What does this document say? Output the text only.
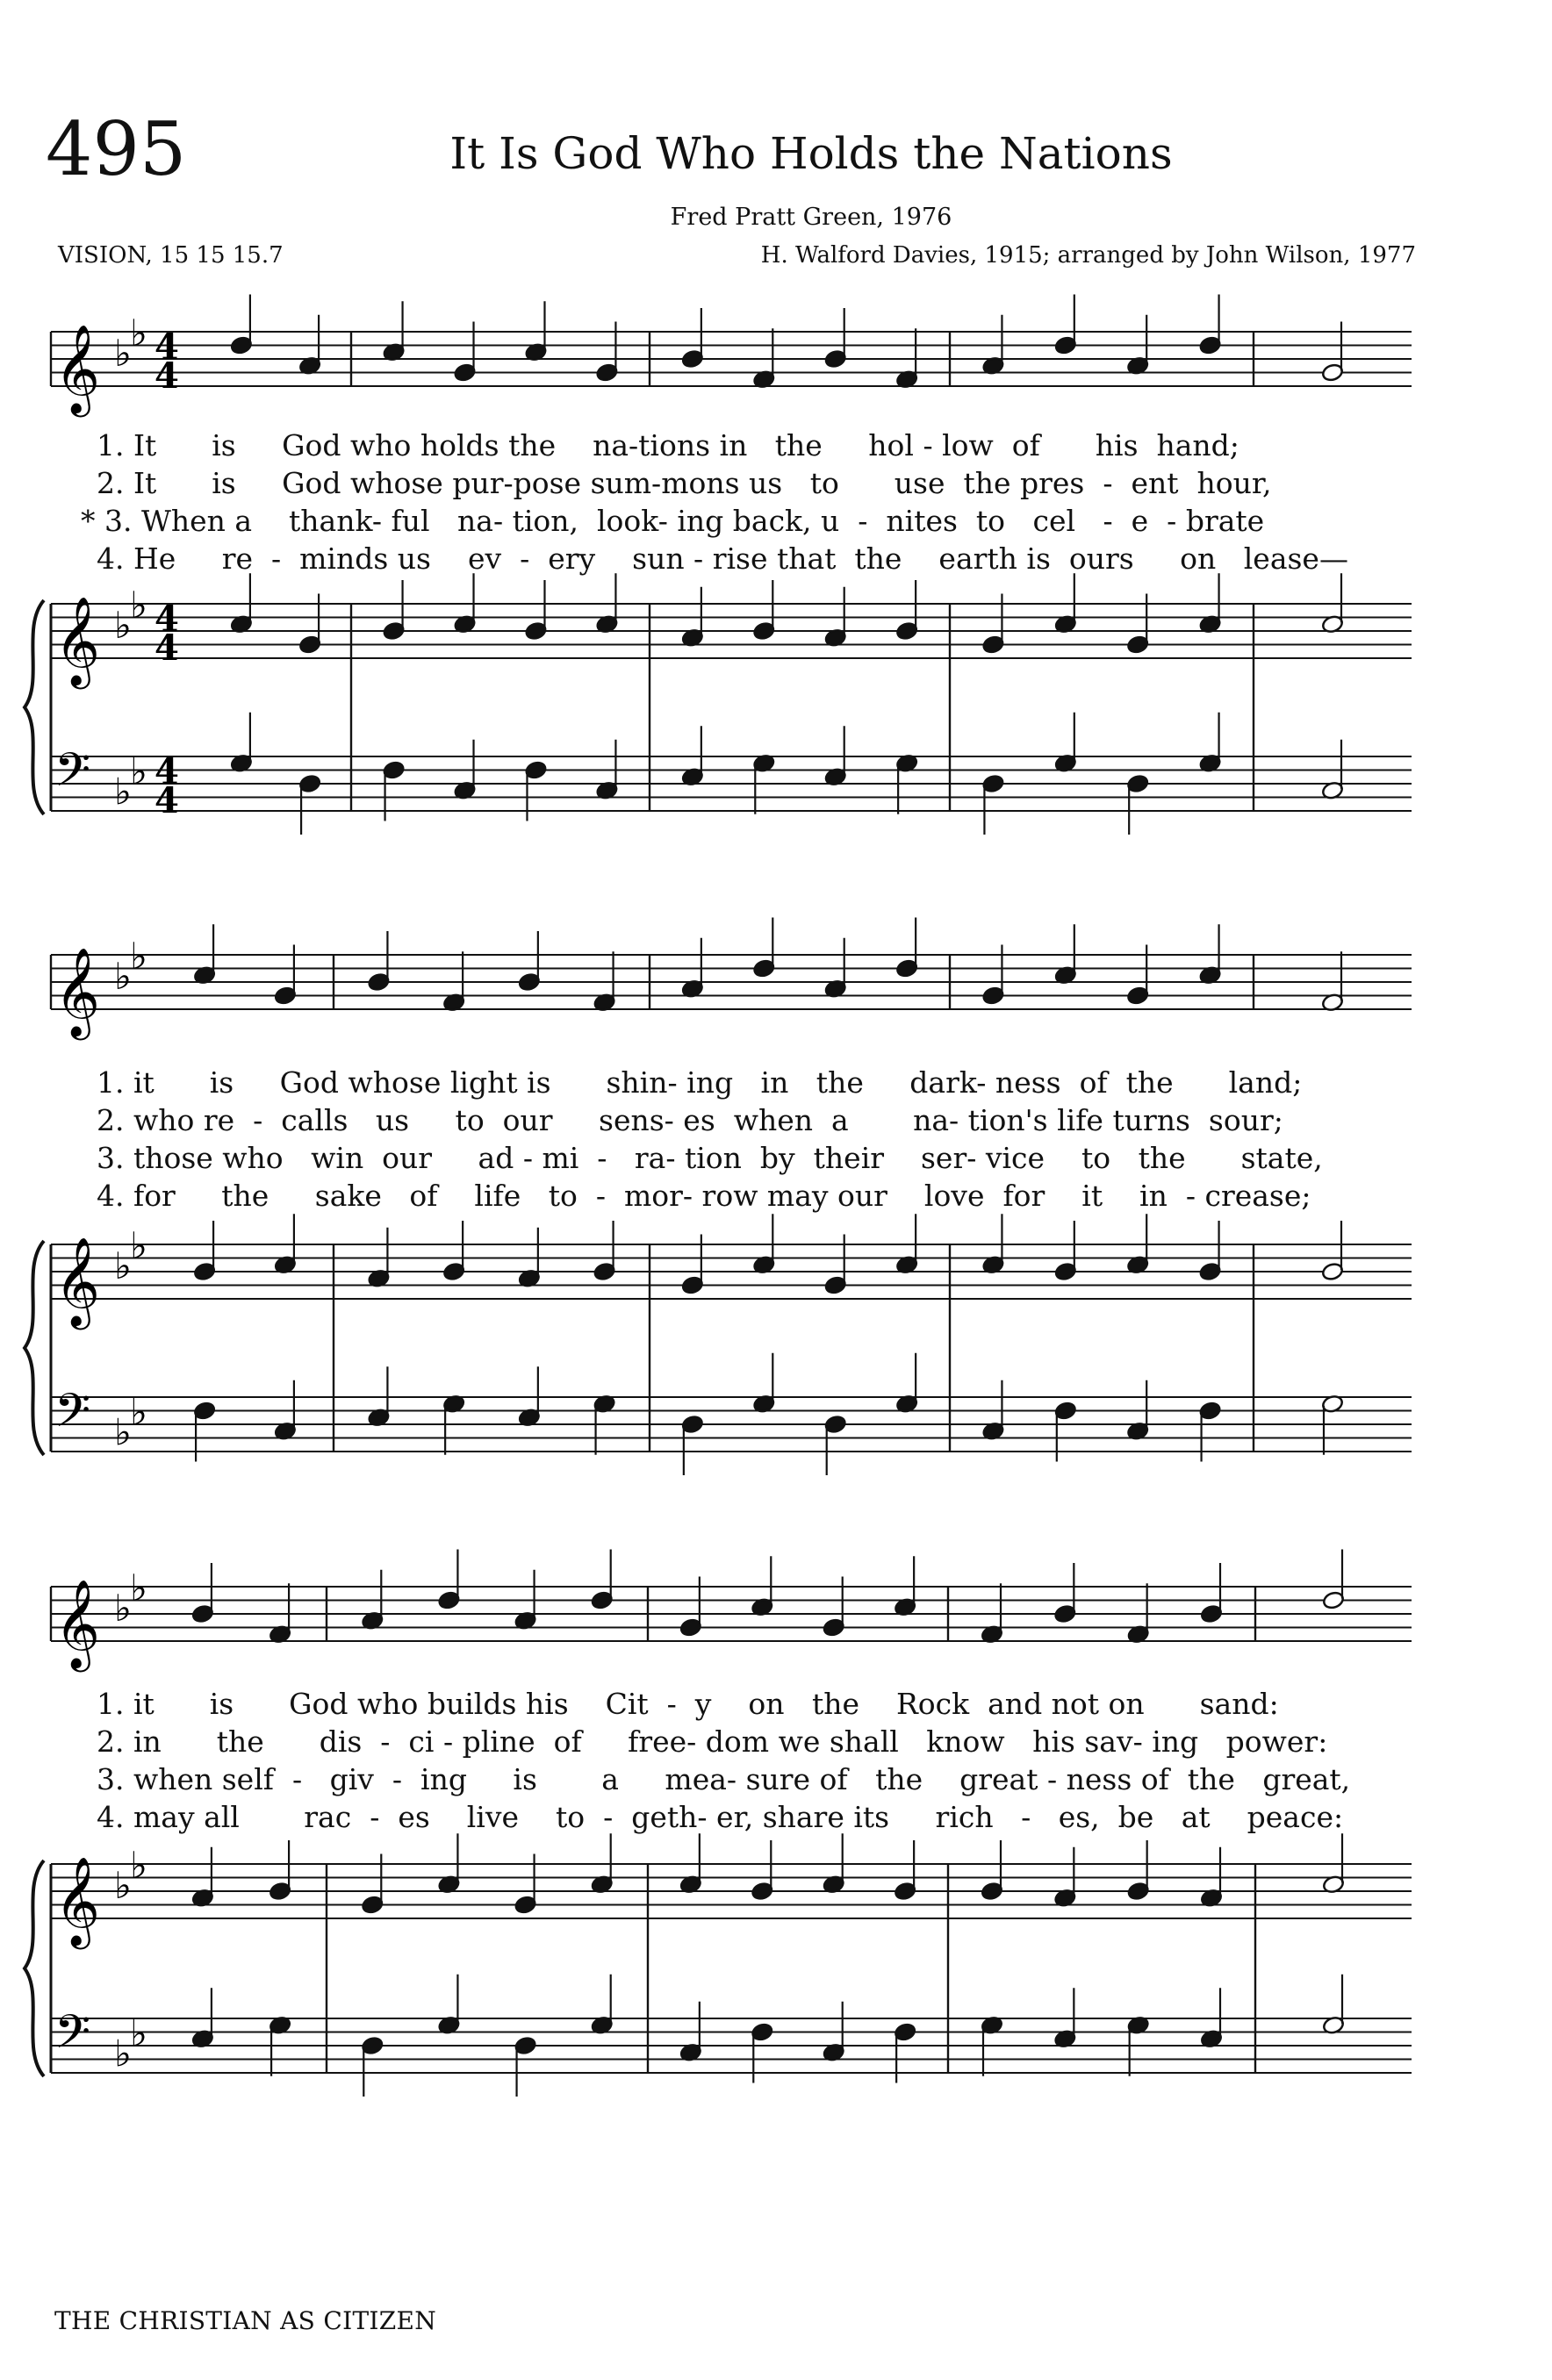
495	It Is God Who Holds the Nations
Fred Pratt Green, 1976
VISION, 15 15 15.7	H. Walford Davies, 1915; arranged by John Wilson, 1977
𝄞 ♭
♭ 4
4
𝄞 ♭
♭ 4
4
𝄢 ♭
♭ 4
4
𝄞 ♭
♭
𝄞 ♭
♭
𝄢 ♭
♭
𝄞 ♭
♭
𝄞 ♭
♭
𝄢 ♭
♭
1. It      is     God who holds the    na-tions in   the     hol - low  of      his  hand;
2. It      is     God whose pur-pose sum-mons us   to      use  the pres  -  ent  hour,
* 3. When a    thank- ful   na- tion,  look- ing back, u  -  nites  to   cel   -  e  - brate
4. He     re  -  minds us    ev  -  ery    sun - rise that  the    earth is  ours     on   lease—
1. it      is     God whose light is      shin- ing   in   the     dark- ness  of  the      land;
2. who re  -  calls   us     to  our     sens- es  when  a       na- tion's life turns  sour;
3. those who   win  our     ad - mi  -   ra- tion  by  their    ser- vice    to   the      state,
4. for     the     sake   of    life   to  -  mor- row may our    love  for    it    in  - crease;
1. it      is      God who builds his    Cit  -  y    on   the    Rock  and not on      sand:
2. in      the      dis  -  ci - pline  of     free- dom we shall   know   his sav- ing   power:
3. when self  -   giv  -  ing     is       a     mea- sure of   the    great - ness of  the   great,
4. may all       rac  -  es    live    to  -  geth- er, share its     rich   -   es,  be   at    peace:
THE CHRISTIAN AS CITIZEN
